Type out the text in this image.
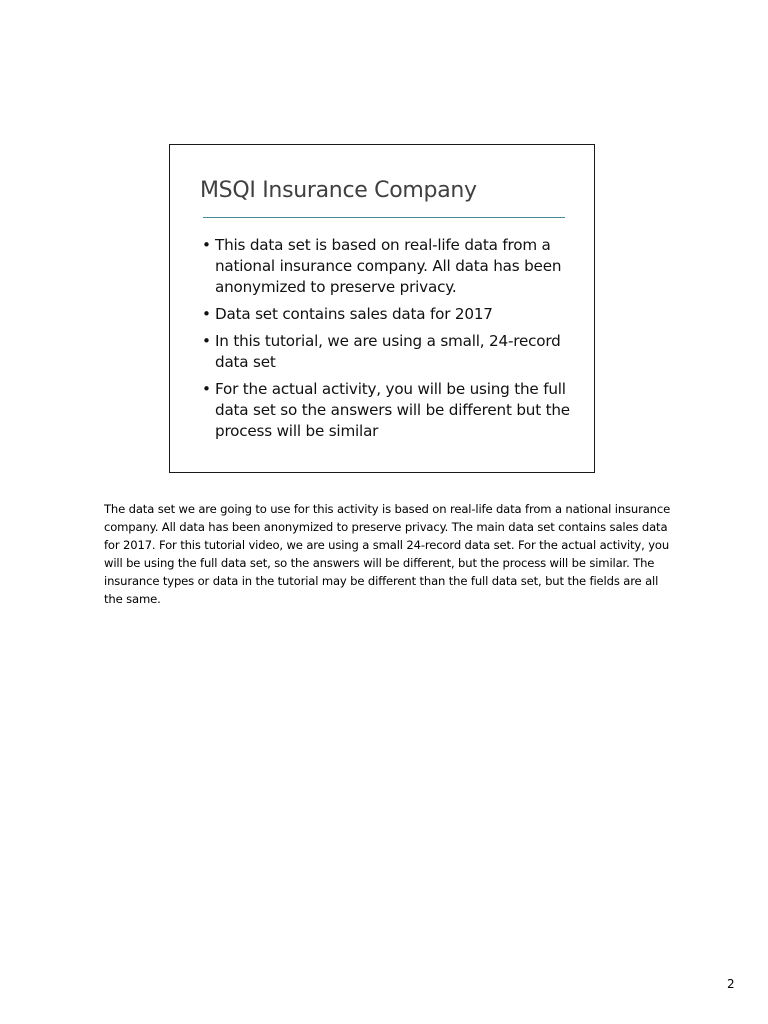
MSQI Insurance Company
• This data set is based on real-life data from a national insurance company. All data has been anonymized to preserve privacy.
• Data set contains sales data for 2017
• In this tutorial, we are using a small, 24-record data set
• For the actual activity, you will be using the full data set so the answers will be different but the process will be similar

The data set we are going to use for this activity is based on real-life data from a national insurance company. All data has been anonymized to preserve privacy. The main data set contains sales data for 2017. For this tutorial video, we are using a small 24-record data set. For the actual activity, you will be using the full data set, so the answers will be different, but the process will be similar. The insurance types or data in the tutorial may be different than the full data set, but the fields are all the same.

2
